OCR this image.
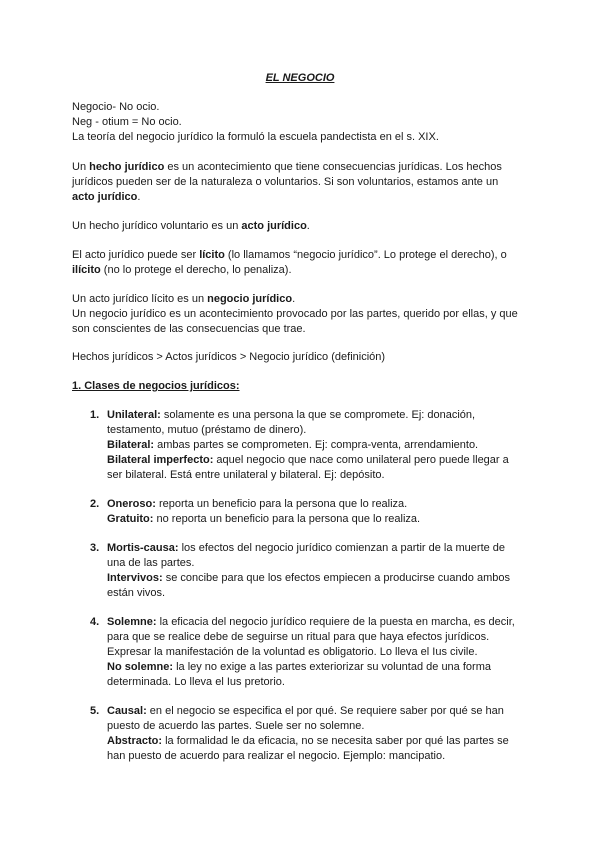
EL NEGOCIO
Negocio- No ocio.
Neg - otium = No ocio.
La teoría del negocio jurídico la formuló la escuela pandectista en el s. XIX.
Un hecho jurídico es un acontecimiento que tiene consecuencias jurídicas. Los hechos
jurídicos pueden ser de la naturaleza o voluntarios. Si son voluntarios, estamos ante un
acto jurídico.
Un hecho jurídico voluntario es un acto jurídico.
El acto jurídico puede ser lícito (lo llamamos “negocio jurídico”. Lo protege el derecho), o
ilícito (no lo protege el derecho, lo penaliza).
Un acto jurídico lícito es un negocio jurídico.
Un negocio jurídico es un acontecimiento provocado por las partes, querido por ellas, y que
son conscientes de las consecuencias que trae.
Hechos jurídicos > Actos jurídicos > Negocio jurídico (definición)
1. Clases de negocios jurídicos:
1. Unilateral: solamente es una persona la que se compromete. Ej: donación,
testamento, mutuo (préstamo de dinero).
Bilateral: ambas partes se comprometen. Ej: compra-venta, arrendamiento.
Bilateral imperfecto: aquel negocio que nace como unilateral pero puede llegar a
ser bilateral. Está entre unilateral y bilateral. Ej: depósito.
2. Oneroso: reporta un beneficio para la persona que lo realiza.
Gratuito: no reporta un beneficio para la persona que lo realiza.
3. Mortis-causa: los efectos del negocio jurídico comienzan a partir de la muerte de
una de las partes.
Intervivos: se concibe para que los efectos empiecen a producirse cuando ambos
están vivos.
4. Solemne: la eficacia del negocio jurídico requiere de la puesta en marcha, es decir,
para que se realice debe de seguirse un ritual para que haya efectos jurídicos.
Expresar la manifestación de la voluntad es obligatorio. Lo lleva el Ius civile.
No solemne: la ley no exige a las partes exteriorizar su voluntad de una forma
determinada. Lo lleva el Ius pretorio.
5. Causal: en el negocio se especifica el por qué. Se requiere saber por qué se han
puesto de acuerdo las partes. Suele ser no solemne.
Abstracto: la formalidad le da eficacia, no se necesita saber por qué las partes se
han puesto de acuerdo para realizar el negocio. Ejemplo: mancipatio.
